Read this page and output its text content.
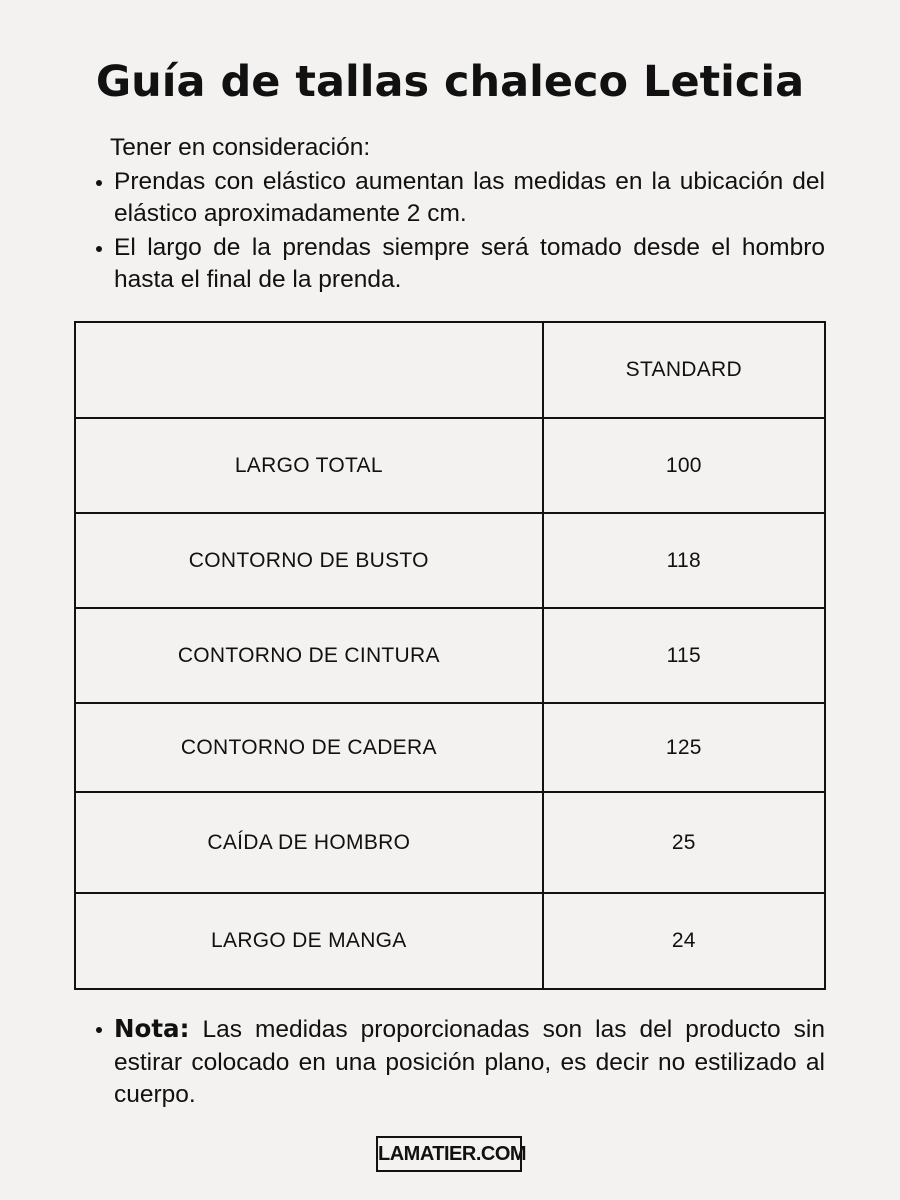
Guía de tallas chaleco Leticia
Tener en consideración:
Prendas con elástico aumentan las medidas en la ubicación del elástico aproximadamente 2 cm.
El largo de la prendas siempre será tomado desde el hombro hasta el final de la prenda.
	STANDARD
LARGO TOTAL	100
CONTORNO DE BUSTO	118
CONTORNO DE CINTURA	115
CONTORNO DE CADERA	125
CAÍDA DE HOMBRO	25
LARGO DE MANGA	24
Nota: Las medidas proporcionadas son las del producto sin estirar colocado en una posición plano, es decir no estilizado al cuerpo.
LAMATIER.COM
